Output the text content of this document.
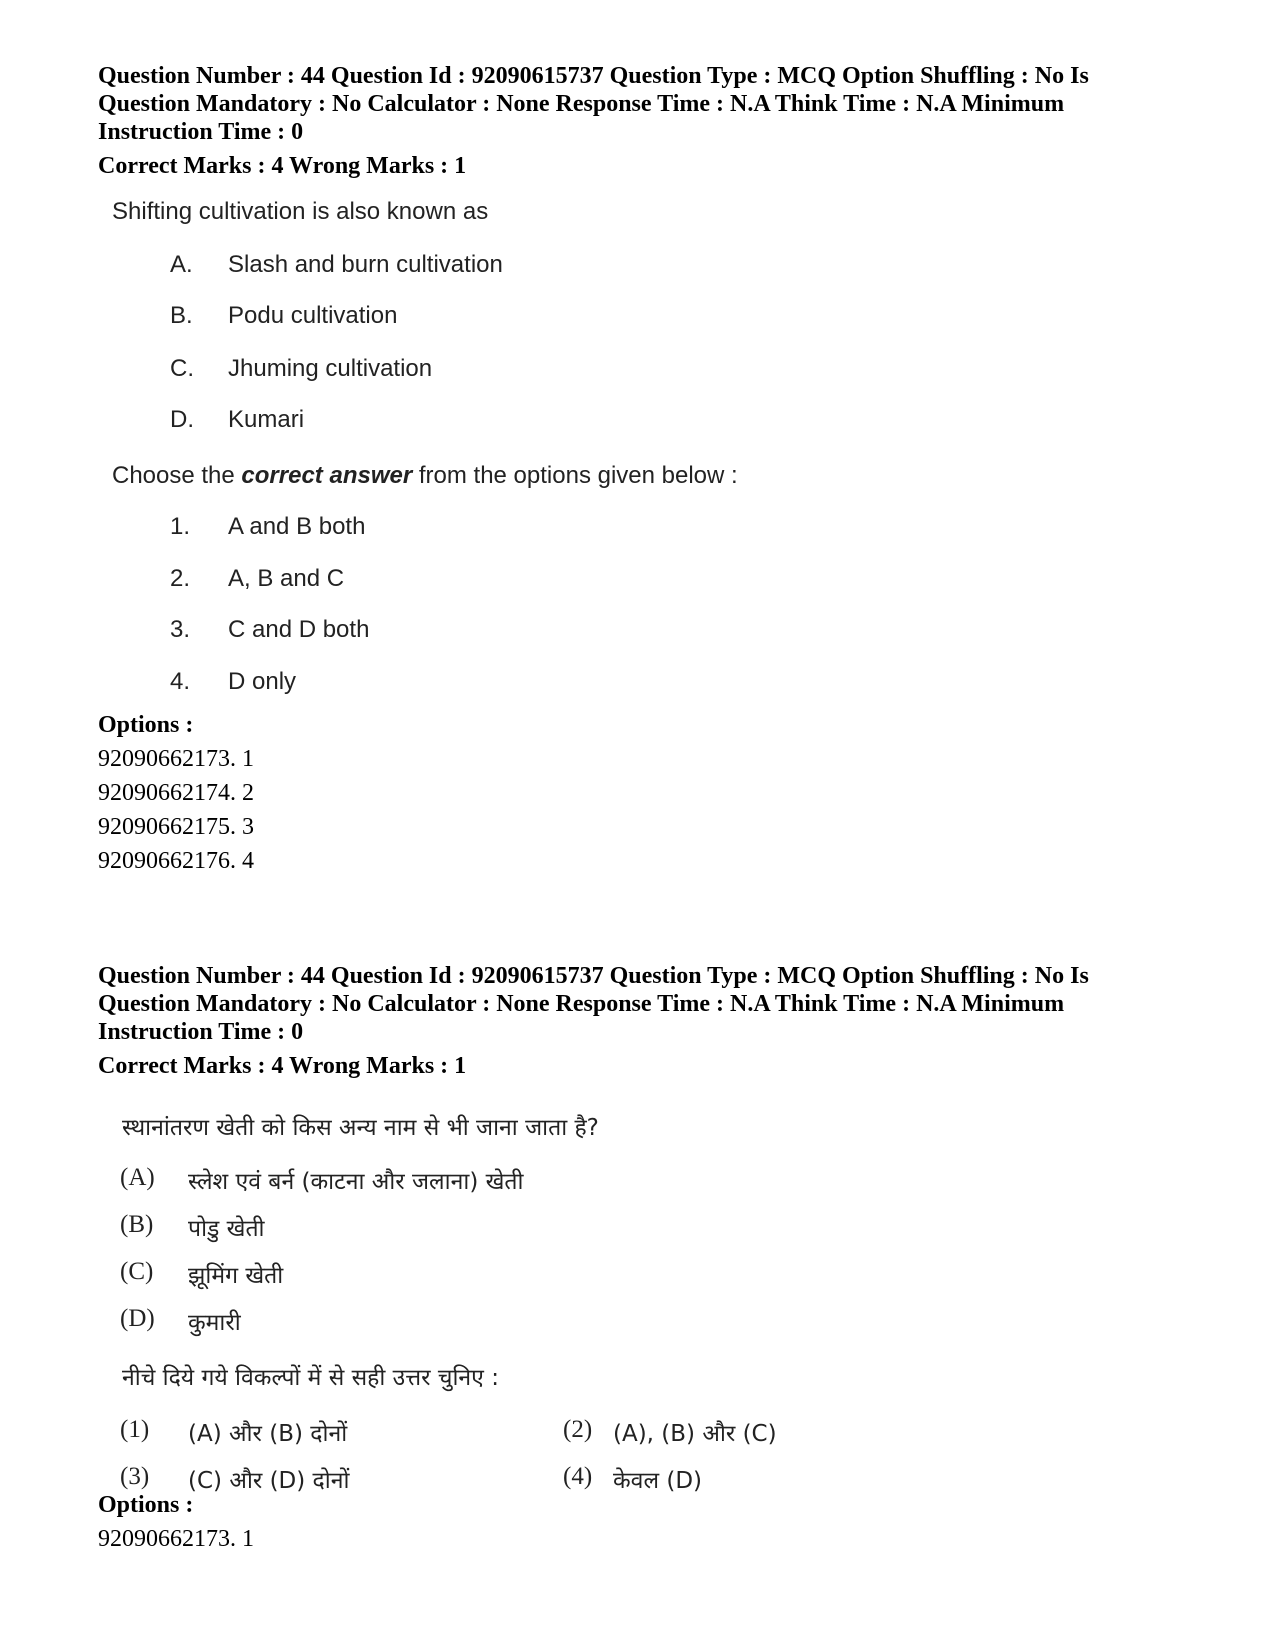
Question Number : 44 Question Id : 92090615737 Question Type : MCQ Option Shuffling : No Is Question Mandatory : No Calculator : None Response Time : N.A Think Time : N.A Minimum Instruction Time : 0

Correct Marks : 4 Wrong Marks : 1

Shifting cultivation is also known as
A. Slash and burn cultivation
B. Podu cultivation
C. Jhuming cultivation
D. Kumari
Choose the correct answer from the options given below :
1. A and B both
2. A, B and C
3. C and D both
4. D only

Options :

92090662173. 1

92090662174. 2

92090662175. 3

92090662176. 4

Question Number : 44 Question Id : 92090615737 Question Type : MCQ Option Shuffling : No Is Question Mandatory : No Calculator : None Response Time : N.A Think Time : N.A Minimum Instruction Time : 0

Correct Marks : 4 Wrong Marks : 1

स्थानांतरण खेती को किस अन्य नाम से भी जाना जाता है?
(A) स्लेश एवं बर्न (काटना और जलाना) खेती
(B) पोडु खेती
(C) झूमिंग खेती
(D) कुमारी
नीचे दिये गये विकल्पों में से सही उत्तर चुनिए :
(1) (A) और (B) दोनों	(2) (A), (B) और (C)
(3) (C) और (D) दोनों	(4) केवल (D)

Options :

92090662173. 1
